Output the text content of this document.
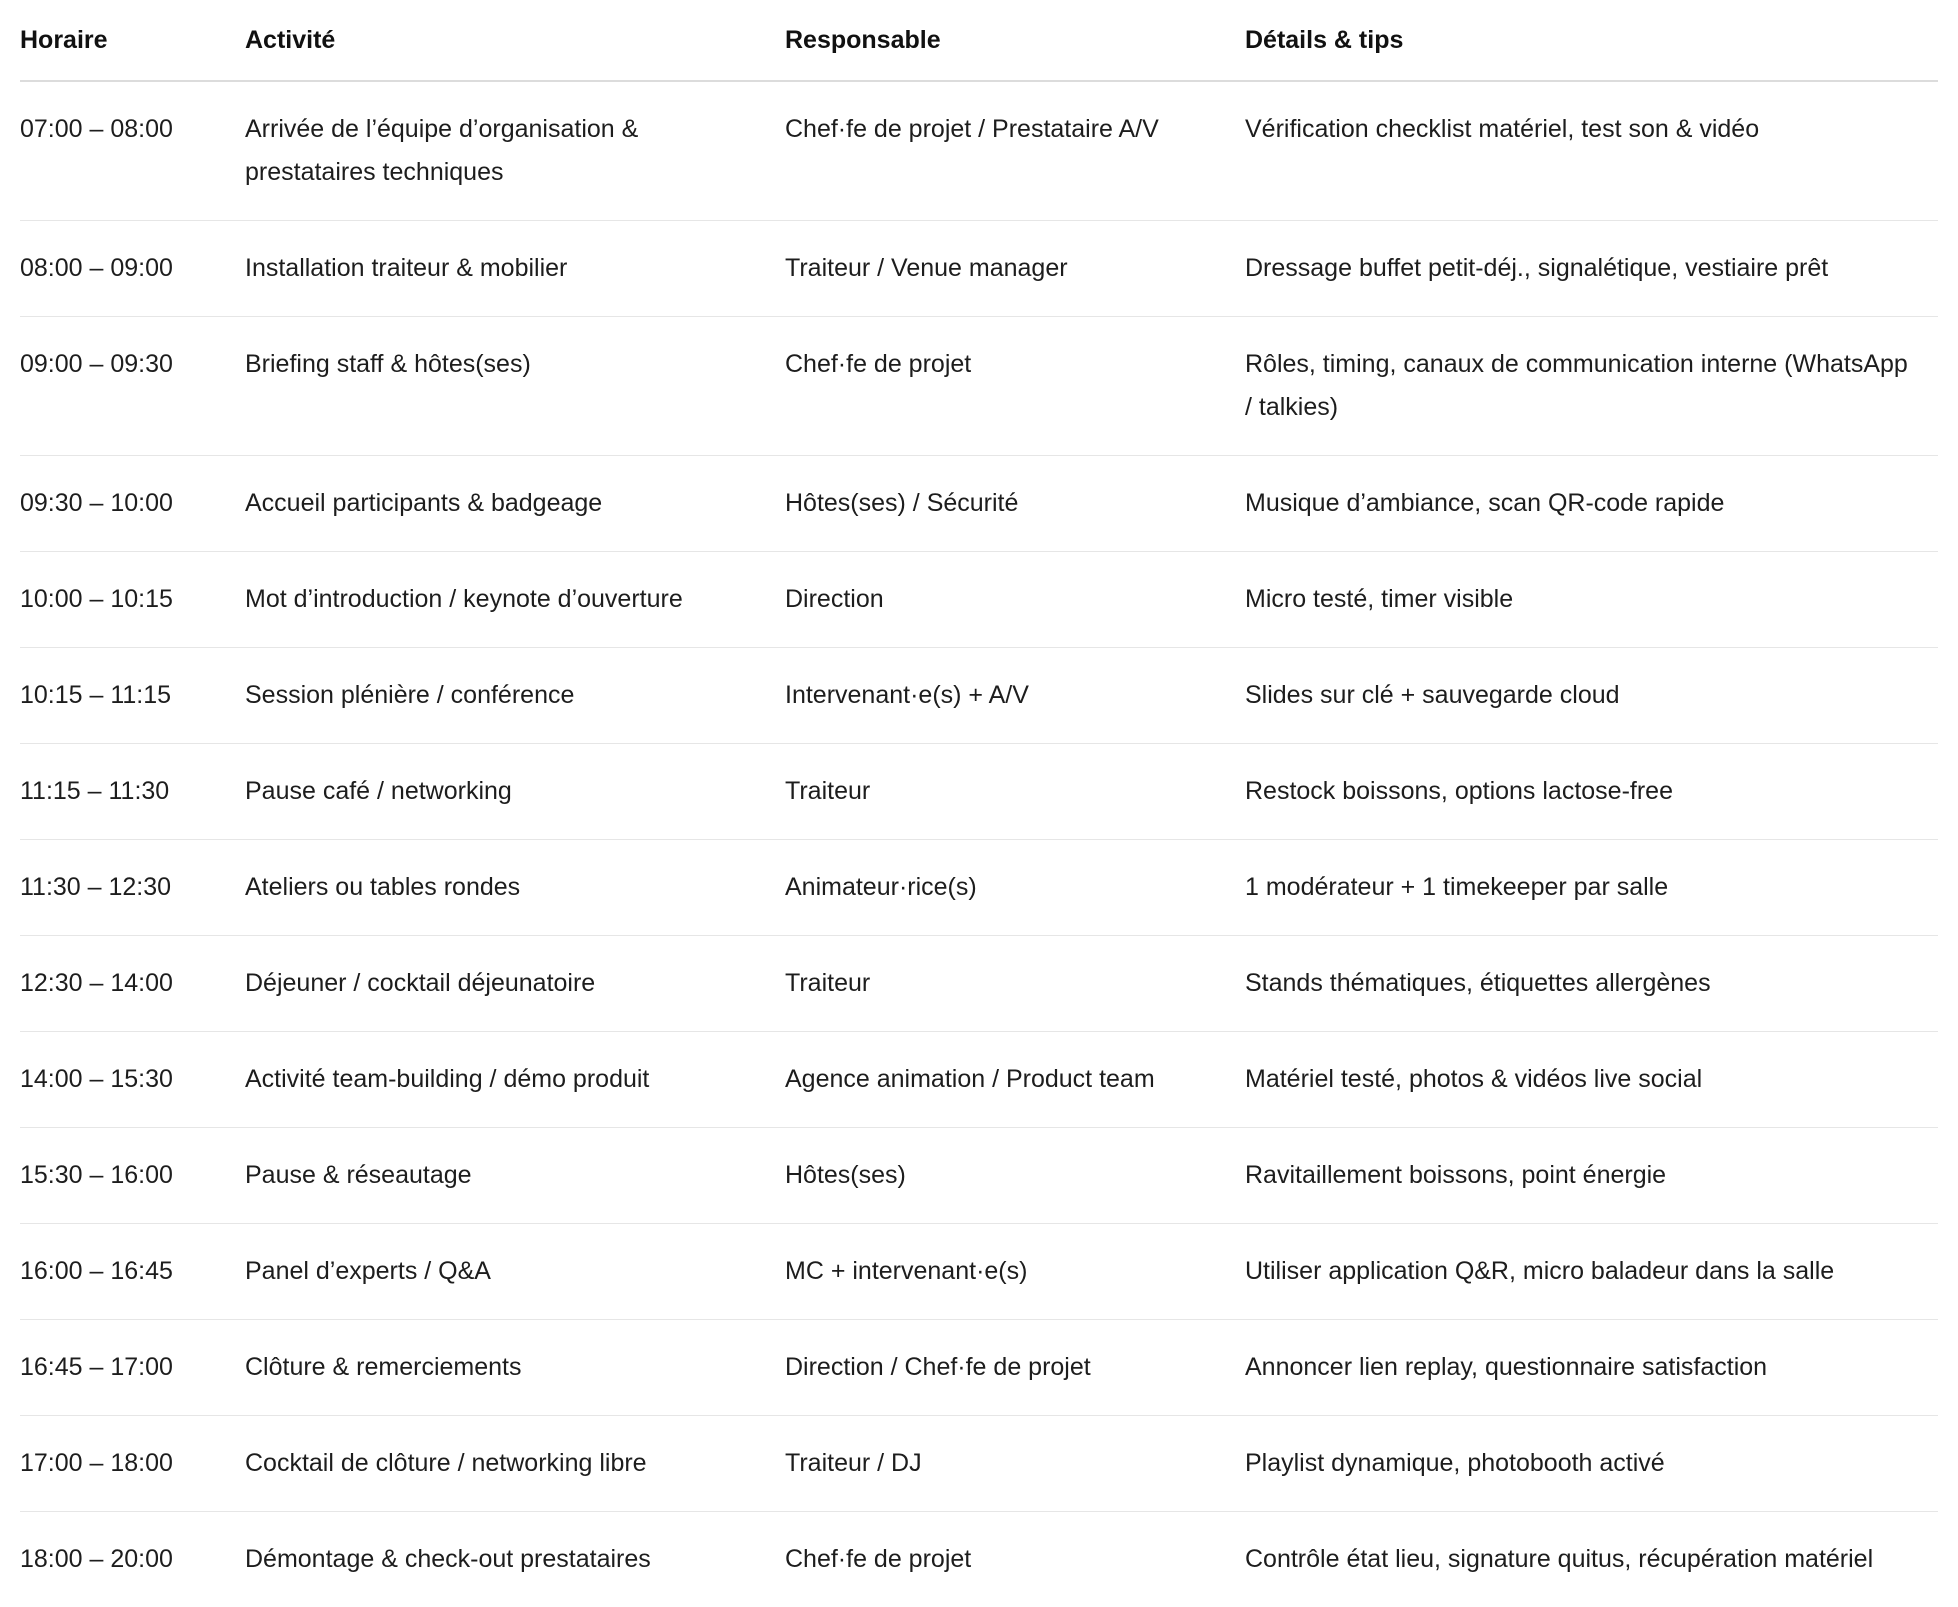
Horaire	Activité	Responsable	Détails & tips
07:00 – 08:00	Arrivée de l’équipe d’organisation & prestataires techniques	Chef·fe de projet / Prestataire A/V	Vérification checklist matériel, test son & vidéo
08:00 – 09:00	Installation traiteur & mobilier	Traiteur / Venue manager	Dressage buffet petit-déj., signalétique, vestiaire prêt
09:00 – 09:30	Briefing staff & hôtes(ses)	Chef·fe de projet	Rôles, timing, canaux de communication interne (WhatsApp / talkies)
09:30 – 10:00	Accueil participants & badgeage	Hôtes(ses) / Sécurité	Musique d’ambiance, scan QR-code rapide
10:00 – 10:15	Mot d’introduction / keynote d’ouverture	Direction	Micro testé, timer visible
10:15 – 11:15	Session plénière / conférence	Intervenant·e(s) + A/V	Slides sur clé + sauvegarde cloud
11:15 – 11:30	Pause café / networking	Traiteur	Restock boissons, options lactose-free
11:30 – 12:30	Ateliers ou tables rondes	Animateur·rice(s)	1 modérateur + 1 timekeeper par salle
12:30 – 14:00	Déjeuner / cocktail déjeunatoire	Traiteur	Stands thématiques, étiquettes allergènes
14:00 – 15:30	Activité team-building / démo produit	Agence animation / Product team	Matériel testé, photos & vidéos live social
15:30 – 16:00	Pause & réseautage	Hôtes(ses)	Ravitaillement boissons, point énergie
16:00 – 16:45	Panel d’experts / Q&A	MC + intervenant·e(s)	Utiliser application Q&R, micro baladeur dans la salle
16:45 – 17:00	Clôture & remerciements	Direction / Chef·fe de projet	Annoncer lien replay, questionnaire satisfaction
17:00 – 18:00	Cocktail de clôture / networking libre	Traiteur / DJ	Playlist dynamique, photobooth activé
18:00 – 20:00	Démontage & check-out prestataires	Chef·fe de projet	Contrôle état lieu, signature quitus, récupération matériel
